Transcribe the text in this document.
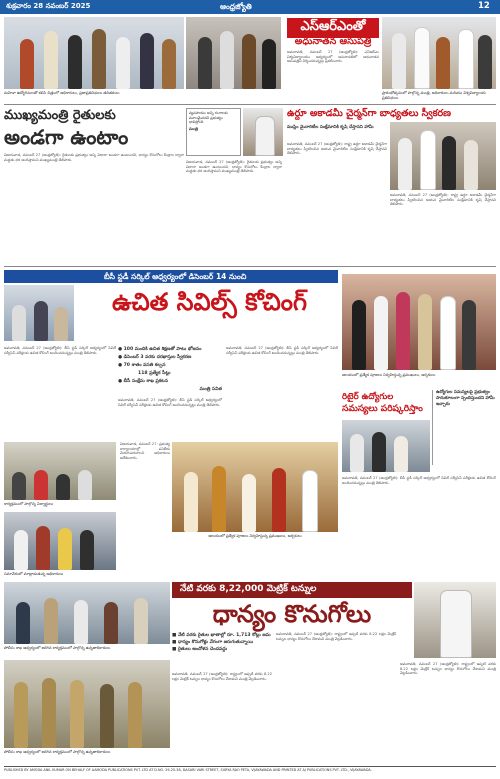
శుక్రవారం 28 నవంబర్ 2025	ఆంధ్రజ్యోతి	12
మహిళా ఉద్యోగినులతో కలిసి చిత్రంలో అధికారులు, ప్రజాప్రతినిధులు తదితరులు
ఎస్ఆర్ఎంతో
అధునాతన ఆసుపత్రి
అమరావతి, నవంబర్ 27 (ఆంధ్రజ్యోతి): ఎస్ఆర్ఎం విశ్వవిద్యాలయం ఆధ్వర్యంలో అమరావతిలో అధునాతన ఆసుపత్రిని నిర్మించనున్నట్లు ప్రకటించారు.
ప్రారంభోత్సవంలో పాల్గొన్న మంత్రి, అధికారులు మరియు విశ్వవిద్యాలయ ప్రతినిధులు
ముఖ్యమంత్రి రైతులకు
అండగా ఉంటాం
విజయవాడ, నవంబర్ 27 (ఆంధ్రజ్యోతి): రైతులకు ప్రభుత్వం అన్ని విధాలా అండగా ఉంటుందని, ధాన్యం కొనుగోలు కేంద్రాల ద్వారా మద్దతు ధర అందిస్తామని ముఖ్యమంత్రి తెలిపారు.
వ్యవసాయం అన్ని రంగాలకు మూలమైనదని ప్రభుత్వం భావిస్తోంది
మంత్రి
విజయవాడ, నవంబర్ 27 (ఆంధ్రజ్యోతి): రైతులకు ప్రభుత్వం అన్ని విధాలా అండగా ఉంటుందని, ధాన్యం కొనుగోలు కేంద్రాల ద్వారా మద్దతు ధర అందిస్తామని ముఖ్యమంత్రి తెలిపారు.
ఉర్దూ అకాడమీ చైర్మన్‌గా బాధ్యతలు స్వీకరణ
ముస్లిం మైనారిటీల సంక్షేమానికి కృషి చేస్తానని హామీ
అమరావతి, నవంబర్ 27 (ఆంధ్రజ్యోతి): రాష్ట్ర ఉర్దూ అకాడమీ చైర్మన్‌గా బాధ్యతలు స్వీకరించిన ఆయన మైనారిటీల సంక్షేమానికి కృషి చేస్తానని తెలిపారు.
అమరావతి, నవంబర్ 27 (ఆంధ్రజ్యోతి): రాష్ట్ర ఉర్దూ అకాడమీ చైర్మన్‌గా బాధ్యతలు స్వీకరించిన ఆయన మైనారిటీల సంక్షేమానికి కృషి చేస్తానని తెలిపారు.
బీసీ స్టడీ సర్కిల్ ఆధ్వర్యంలో డిసెంబర్ 14 నుంచి
ఉచిత సివిల్స్ కోచింగ్
అమరావతి, నవంబర్ 27 (ఆంధ్రజ్యోతి): బీసీ స్టడీ సర్కిల్ ఆధ్వర్యంలో సివిల్ సర్వీసెస్ పరీక్షలకు ఉచిత కోచింగ్ అందించనున్నట్లు మంత్రి తెలిపారు.
● 100 మందికి ఉచిత శిక్షణతో పాటు భోజనం
● డిసెంబర్ 3 వరకు దరఖాస్తుల స్వీకరణ
● 70 శాతం వసతి కల్పన
118 ప్రత్యేక సీట్లు
● బీసీ సంక్షేమ శాఖ ప్రకటన
మంత్రి సవిత
అమరావతి, నవంబర్ 27 (ఆంధ్రజ్యోతి): బీసీ స్టడీ సర్కిల్ ఆధ్వర్యంలో సివిల్ సర్వీసెస్ పరీక్షలకు ఉచిత కోచింగ్ అందించనున్నట్లు మంత్రి తెలిపారు.
అమరావతి, నవంబర్ 27 (ఆంధ్రజ్యోతి): బీసీ స్టడీ సర్కిల్ ఆధ్వర్యంలో సివిల్ సర్వీసెస్ పరీక్షలకు ఉచిత కోచింగ్ అందించనున్నట్లు మంత్రి తెలిపారు.
ఆలయంలో ప్రత్యేక పూజలు నిర్వహిస్తున్న ప్రముఖులు, అర్చకులు
రిటైర్ ఉద్యోగుల
సమస్యలు పరిష్కరిస్తాం
ఉద్యోగుల సమస్యలపై ప్రభుత్వం సానుకూలంగా స్పందిస్తుందని హామీ ఇచ్చారు
కార్యక్రమంలో పాల్గొన్న విద్యార్థులు
సమావేశంలో మాట్లాడుతున్న అధికారులు
ఆలయంలో ప్రత్యేక పూజలు నిర్వహిస్తున్న ప్రముఖులు, అర్చకులు
విజయవాడ, నవంబర్ 27: ప్రభుత్వ కార్యాలయాల్లో పనితీరు మెరుగుపరచాలని అధికారులు ఆదేశించారు.
అమరావతి, నవంబర్ 27 (ఆంధ్రజ్యోతి): బీసీ స్టడీ సర్కిల్ ఆధ్వర్యంలో సివిల్ సర్వీసెస్ పరీక్షలకు ఉచిత కోచింగ్ అందించనున్నట్లు మంత్రి తెలిపారు.
పోలీసు శాఖ ఆధ్వర్యంలో జరిగిన కార్యక్రమంలో పాల్గొన్న ఉన్నతాధికారులు
పోలీసు శాఖ ఆధ్వర్యంలో జరిగిన కార్యక్రమంలో పాల్గొన్న ఉన్నతాధికారులు
నేటి వరకు 8,22,000 మెట్రిక్ టన్నుల
ధాన్యం కొనుగోలు
■ నేటి వరకు రైతుల ఖాతాల్లో రూ. 1,713 కోట్లు జమ
■ ధాన్యం కొనుగోళ్లు వేగంగా జరుగుతున్నాయి
■ రైతులు ఆందోళన చెందవద్దు
అమరావతి, నవంబర్ 27 (ఆంధ్రజ్యోతి): రాష్ట్రంలో ఇప్పటి వరకు 8.22 లక్షల మెట్రిక్ టన్నుల ధాన్యం కొనుగోలు చేశామని మంత్రి వెల్లడించారు.
అమరావతి, నవంబర్ 27 (ఆంధ్రజ్యోతి): రాష్ట్రంలో ఇప్పటి వరకు 8.22 లక్షల మెట్రిక్ టన్నుల ధాన్యం కొనుగోలు చేశామని మంత్రి వెల్లడించారు.
అమరావతి, నవంబర్ 27 (ఆంధ్రజ్యోతి): రాష్ట్రంలో ఇప్పటి వరకు 8.22 లక్షల మెట్రిక్ టన్నుల ధాన్యం కొనుగోలు చేశామని మంత్రి వెల్లడించారు.
PUBLISHED BY AMODA ANIL KUMAR ON BEHALF OF AAMODA PUBLICATIONS PVT. LTD AT D.NO. 29-25-38, DASARI VARI STREET, SURYA RAO PETA, VIJAYAWADA AND PRINTED AT AJ PUBLICATIONS PVT. LTD., VIJAYAWADA.
